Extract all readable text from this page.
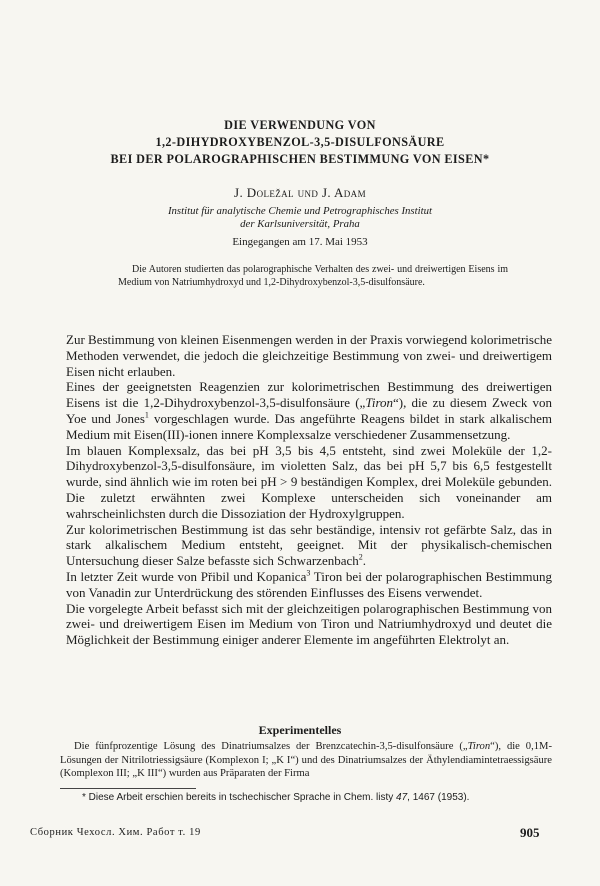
DIE VERWENDUNG VON
1,2-DIHYDROXYBENZOL-3,5-DISULFONSÄURE
BEI DER POLAROGRAPHISCHEN BESTIMMUNG VON EISEN*
J. Doležal und J. Adam
Institut für analytische Chemie und Petrographisches Institut
der Karlsuniversität, Praha
Eingegangen am 17. Mai 1953
Die Autoren studierten das polarographische Verhalten des zwei- und dreiwertigen Eisens im Medium von Natriumhydroxyd und 1,2-Dihydroxybenzol-3,5-disulfonsäure.

Zur Bestimmung von kleinen Eisenmengen werden in der Praxis vorwiegend kolorimetrische Methoden verwendet, die jedoch die gleichzeitige Bestimmung von zwei- und dreiwertigem Eisen nicht erlauben.

Eines der geeignetsten Reagenzien zur kolorimetrischen Bestimmung des dreiwertigen Eisens ist die 1,2-Dihydroxybenzol-3,5-disulfonsäure („Tiron“), die zu diesem Zweck von Yoe und Jones$^1$ vorgeschlagen wurde. Das angeführte Reagens bildet in stark alkalischem Medium mit Eisen(III)-ionen innere Komplexsalze verschiedener Zusammensetzung.

Im blauen Komplexsalz, das bei pH 3,5 bis 4,5 entsteht, sind zwei Moleküle der 1,2-Dihydroxybenzol-3,5-disulfonsäure, im violetten Salz, das bei pH 5,7 bis 6,5 festgestellt wurde, sind ähnlich wie im roten bei pH > 9 beständigen Komplex, drei Moleküle gebunden. Die zuletzt erwähnten zwei Komplexe unterscheiden sich voneinander am wahrscheinlichsten durch die Dissoziation der Hydroxylgruppen.

Zur kolorimetrischen Bestimmung ist das sehr beständige, intensiv rot gefärbte Salz, das in stark alkalischem Medium entsteht, geeignet. Mit der physikalisch-chemischen Untersuchung dieser Salze befasste sich Schwarzenbach$^2$.

In letzter Zeit wurde von Přibil und Kopanica$^3$ Tiron bei der polarographischen Bestimmung von Vanadin zur Unterdrückung des störenden Einflusses des Eisens verwendet.

Die vorgelegte Arbeit befasst sich mit der gleichzeitigen polarographischen Bestimmung von zwei- und dreiwertigem Eisen im Medium von Tiron und Natriumhydroxyd und deutet die Möglichkeit der Bestimmung einiger anderer Elemente im angeführten Elektrolyt an.

Experimentelles
Die fünfprozentige Lösung des Dinatriumsalzes der Brenzcatechin-3,5-disulfonsäure („Tiron“), die 0,1M-Lösungen der Nitrilotriessigsäure (Komplexon I; „K I“) und des Dinatriumsalzes der Äthylendiamintetraessigsäure (Komplexon III; „K III“) wurden aus Präparaten der Firma
* Diese Arbeit erschien bereits in tschechischer Sprache in Chem. listy 47, 1467 (1953).
Сборник Чехосл. Хим. Работ т. 19	905
